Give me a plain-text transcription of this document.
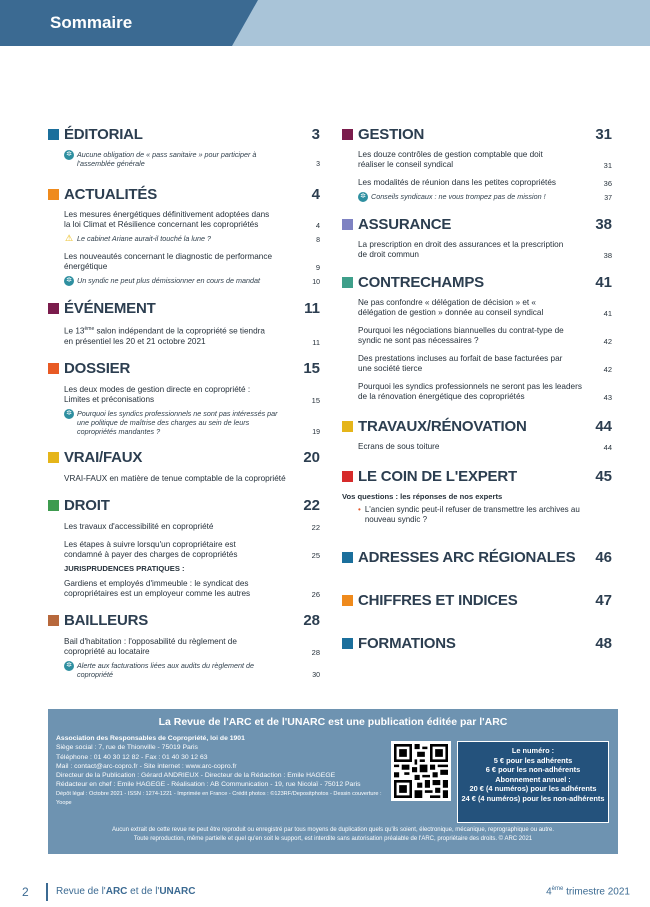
Sommaire
ÉDITORIAL	3
✲ Aucune obligation de « pass sanitaire » pour participer à l'assemblée générale	3
ACTUALITÉS	4
Les mesures énergétiques définitivement adoptées dans la loi Climat et Résilience concernant les copropriétés	4
⚠ Le cabinet Ariane aurait-il touché la lune ?	8
Les nouveautés concernant le diagnostic de performance énergétique	9
✲ Un syndic ne peut plus démissionner en cours de mandat	10
ÉVÉNEMENT	11
Le 13ème salon indépendant de la copropriété se tiendra en présentiel les 20 et 21 octobre 2021	11
DOSSIER	15
Les deux modes de gestion directe en copropriété : Limites et préconisations	15
✲ Pourquoi les syndics professionnels ne sont pas intéressés par une politique de maîtrise des charges au sein de leurs copropriétés mandantes ?	19
VRAI/FAUX	20
VRAI-FAUX en matière de tenue comptable de la copropriété
DROIT	22
Les travaux d'accessibilité en copropriété	22
Les étapes à suivre lorsqu'un copropriétaire est condamné à payer des charges de copropriétés	25
JURISPRUDENCES PRATIQUES :
Gardiens et employés d'immeuble : le syndicat des copropriétaires est un employeur comme les autres	26
BAILLEURS	28
Bail d'habitation : l'opposabilité du règlement de copropriété au locataire	28
✲ Alerte aux facturations liées aux audits du règlement de copropriété	30
GESTION	31
Les douze contrôles de gestion comptable que doit réaliser le conseil syndical	31
Les modalités de réunion dans les petites copropriétés	36
✲ Conseils syndicaux : ne vous trompez pas de mission !	37
ASSURANCE	38
La prescription en droit des assurances et la prescription de droit commun	38
CONTRECHAMPS	41
Ne pas confondre « délégation de décision » et « délégation de gestion » donnée au conseil syndical	41
Pourquoi les négociations biannuelles du contrat-type de syndic ne sont pas nécessaires ?	42
Des prestations incluses au forfait de base facturées par une société tierce	42
Pourquoi les syndics professionnels ne seront pas les leaders de la rénovation énergétique des copropriétés	43
TRAVAUX/RÉNOVATION	44
Ecrans de sous toiture	44
LE COIN DE L'EXPERT	45
Vos questions : les réponses de nos experts
• L'ancien syndic peut-il refuser de transmettre les archives au nouveau syndic ?
ADRESSES ARC RÉGIONALES	46
CHIFFRES ET INDICES	47
FORMATIONS	48
La Revue de l'ARC et de l'UNARC est une publication éditée par l'ARC
Association des Responsables de Copropriété, loi de 1901
Siège social : 7, rue de Thionville - 75019 Paris
Téléphone : 01 40 30 12 82 - Fax : 01 40 30 12 63
Mail : contact@arc-copro.fr - Site internet : www.arc-copro.fr
Directeur de la Publication : Gérard ANDRIEUX - Directeur de la Rédaction : Emile HAGEGE
Rédacteur en chef : Emile HAGEGE - Réalisation : AB Communication - 19, rue Nicolaï - 75012 Paris
Dépôt légal : Octobre 2021 - ISSN : 1274-1221 - Imprimée en France - Crédit photos : ©123RF/Depositphotos - Dessin couverture : Yoope
Le numéro :
5 € pour les adhérents
6 € pour les non-adhérents
Abonnement annuel :
20 € (4 numéros) pour les adhérents
24 € (4 numéros) pour les non-adhérents
Aucun extrait de cette revue ne peut être reproduit ou enregistré par tous moyens de duplication quels qu'ils soient, électronique, mécanique, reprographique ou autre.
Toute reproduction, même partielle et quel qu'en soit le support, est interdite sans autorisation préalable de l'ARC, propriétaire des droits. © ARC 2021
2	Revue de l'ARC et de l'UNARC	4ème trimestre 2021
